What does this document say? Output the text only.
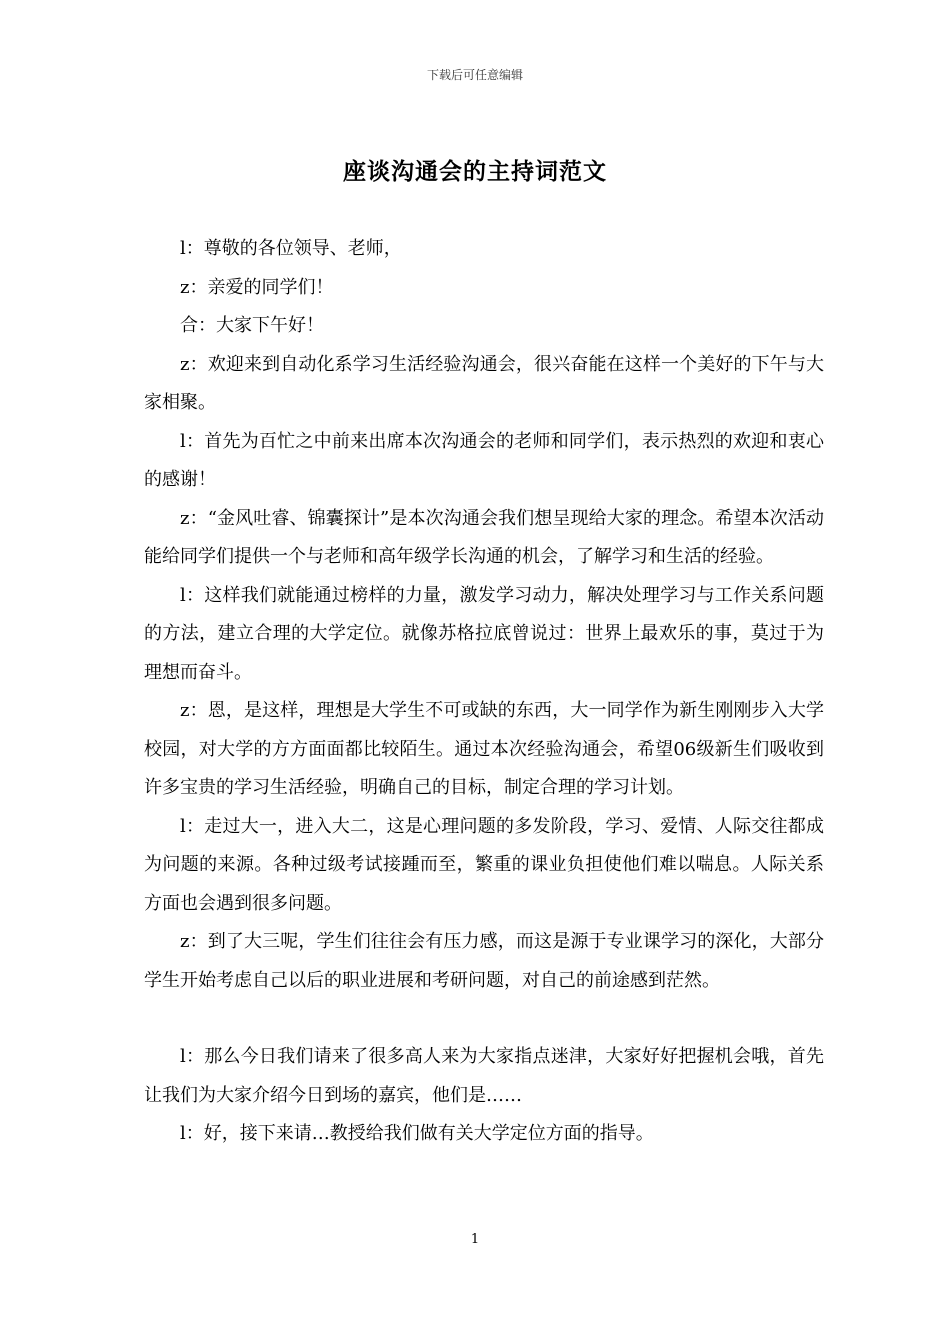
下载后可任意编辑
座谈沟通会的主持词范文

l：尊敬的各位领导、老师，

z：亲爱的同学们！

合：大家下午好！

z：欢迎来到自动化系学习生活经验沟通会，很兴奋能在这样一个美好的下午与大家相聚。

l：首先为百忙之中前来出席本次沟通会的老师和同学们，表示热烈的欢迎和衷心的感谢！

z：“金风吐睿、锦囊探计”是本次沟通会我们想呈现给大家的理念。希望本次活动能给同学们提供一个与老师和高年级学长沟通的机会，了解学习和生活的经验。

l：这样我们就能通过榜样的力量，激发学习动力，解决处理学习与工作关系问题的方法，建立合理的大学定位。就像苏格拉底曾说过：世界上最欢乐的事，莫过于为理想而奋斗。

z：恩，是这样，理想是大学生不可或缺的东西，大一同学作为新生刚刚步入大学校园，对大学的方方面面都比较陌生。通过本次经验沟通会，希望06级新生们吸收到许多宝贵的学习生活经验，明确自己的目标，制定合理的学习计划。

l：走过大一，进入大二，这是心理问题的多发阶段，学习、爱情、人际交往都成为问题的来源。各种过级考试接踵而至，繁重的课业负担使他们难以喘息。人际关系方面也会遇到很多问题。

z：到了大三呢，学生们往往会有压力感，而这是源于专业课学习的深化，大部分学生开始考虑自己以后的职业进展和考研问题，对自己的前途感到茫然。

l：那么今日我们请来了很多高人来为大家指点迷津，大家好好把握机会哦，首先让我们为大家介绍今日到场的嘉宾，他们是……

l：好，接下来请…教授给我们做有关大学定位方面的指导。

1
